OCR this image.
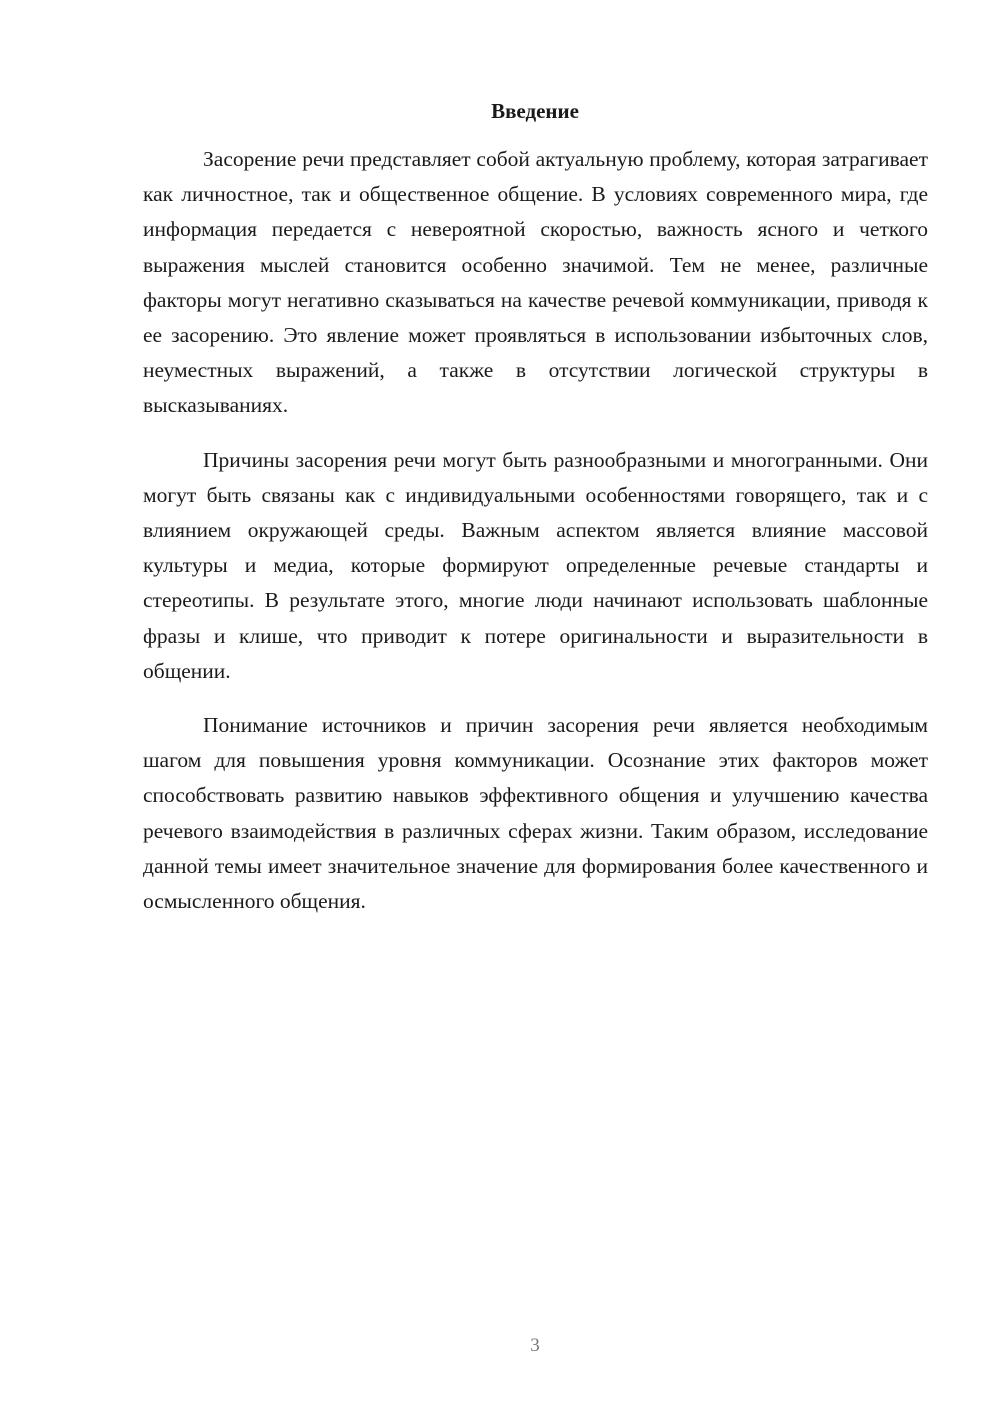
Введение

Засорение речи представляет собой актуальную проблему, которая затрагивает как личностное, так и общественное общение. В условиях современного мира, где информация передается с невероятной скоростью, важность ясного и четкого выражения мыслей становится особенно значимой. Тем не менее, различные факторы могут негативно сказываться на качестве речевой коммуникации, приводя к ее засорению. Это явление может проявляться в использовании избыточных слов, неуместных выражений, а также в отсутствии логической структуры в высказываниях.

Причины засорения речи могут быть разнообразными и многогранными. Они могут быть связаны как с индивидуальными особенностями говорящего, так и с влиянием окружающей среды. Важным аспектом является влияние массовой культуры и медиа, которые формируют определенные речевые стандарты и стереотипы. В результате этого, многие люди начинают использовать шаблонные фразы и клише, что приводит к потере оригинальности и выразительности в общении.

Понимание источников и причин засорения речи является необходимым шагом для повышения уровня коммуникации. Осознание этих факторов может способствовать развитию навыков эффективного общения и улучшению качества речевого взаимодействия в различных сферах жизни. Таким образом, исследование данной темы имеет значительное значение для формирования более качественного и осмысленного общения.

3
